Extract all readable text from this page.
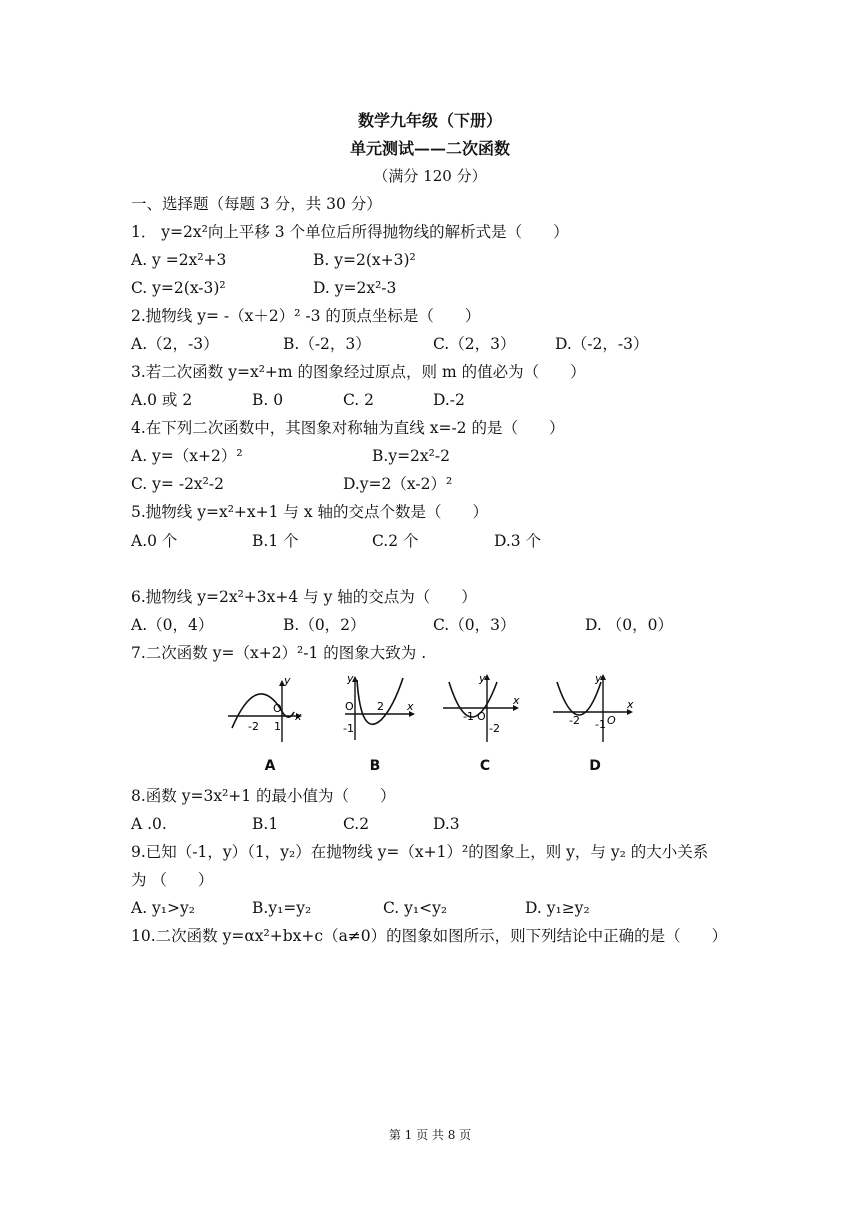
数学九年级（下册）
单元测试——二次函数
（满分 120 分）
一、选择题（每题 3 分，共 30 分）
1． y=2x²向上平移 3 个单位后所得抛物线的解析式是（　　）
A. y =2x²+3	B. y=2(x+3)²
C. y=2(x-3)²	D. y=2x²-3
2.抛物线 y= -（x＋2）² -3 的顶点坐标是（　　）
A.（2，-3）	B.（-2，3）	C.（2，3）	D.（-2，-3）
3.若二次函数 y=x²+m 的图象经过原点，则 m 的值必为（　　）
A.0 或 2	B. 0	C. 2	D.-2
4.在下列二次函数中，其图象对称轴为直线 x=-2 的是（　　）
A. y=（x+2）²	B.y=2x²-2
C. y= -2x²-2	D.y=2（x-2）²
5.抛物线 y=x²+x+1 与 x 轴的交点个数是（　　）
A.0 个	B.1 个	C.2 个	D.3 个
6.抛物线 y=2x²+3x+4 与 y 轴的交点为（　　）
A.（0，4）	B.（0，2）	C.（0，3）	D. （0，0）
7.二次函数 y=（x+2）²-1 的图象大致为 .
-2
O
1
x
y
A
O
-1
2 x
y
B
-1 O
-2
x
y
C
-2 -1 O
x
y
D
8.函数 y=3x²+1 的最小值为（　　）
A .0.	B.1	C.2	D.3
9.已知（-1，y）（1，y₂）在抛物线 y=（x+1）²的图象上，则 y，与 y₂ 的大小关系
为 （　　）
A. y₁>y₂	B.y₁=y₂	C. y₁<y₂	D. y₁≥y₂
10.二次函数 y=αx²+bx+c（a≠0）的图象如图所示，则下列结论中正确的是（　　）
第 1 页 共 8 页
